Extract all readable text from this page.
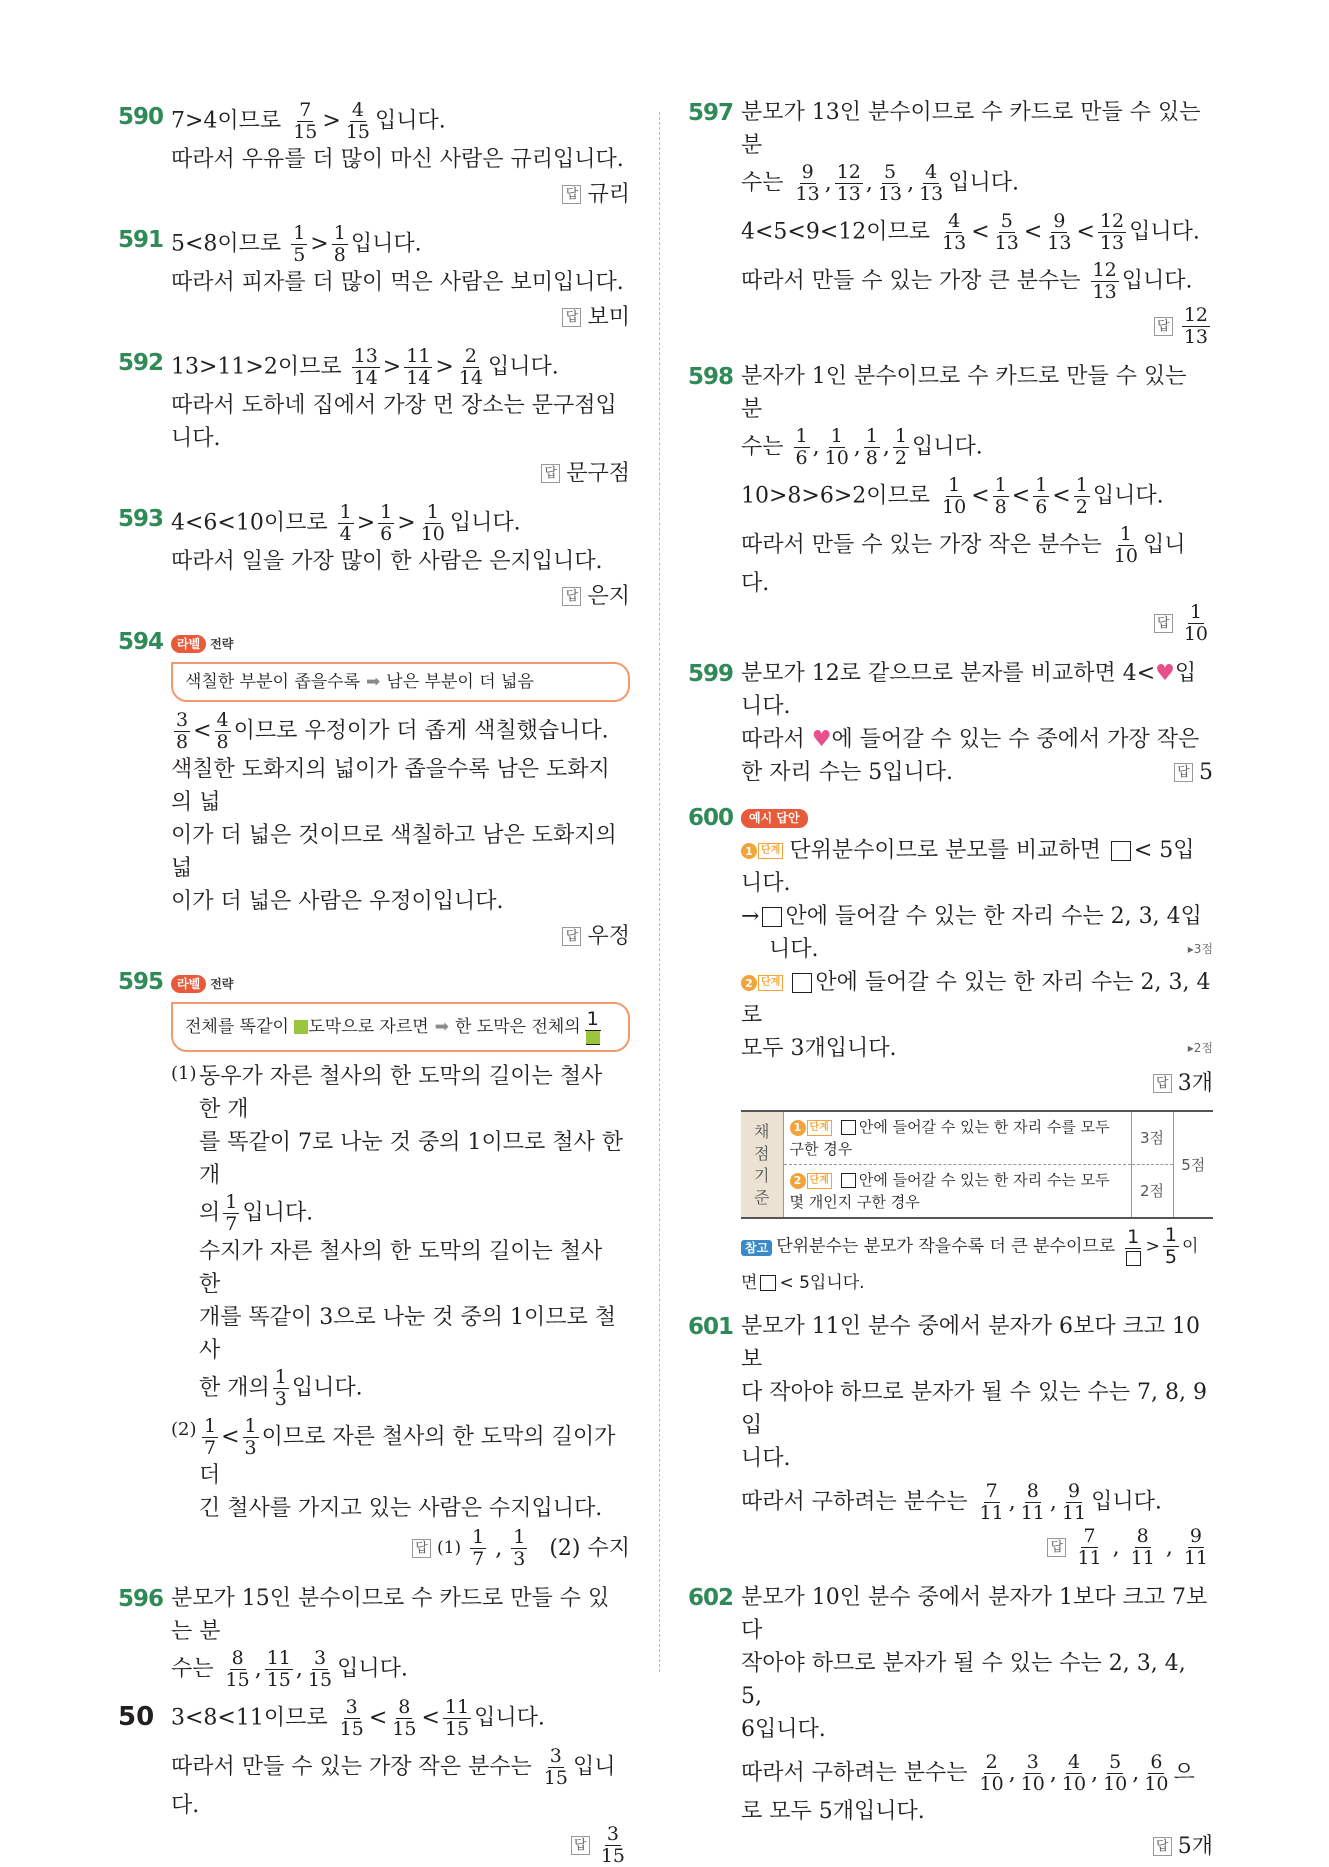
590 7>4이므로 $\frac{7}{15} > \frac{4}{15}$ 입니다.
따라서 우유를 더 많이 마신 사람은 규리입니다.
답 규리
591 5<8이므로 $\frac{1}{5} > \frac{1}{8}$ 입니다.
따라서 피자를 더 많이 먹은 사람은 보미입니다.
답 보미
592 13>11>2이므로 $\frac{13}{14} > \frac{11}{14} > \frac{2}{14}$ 입니다.
따라서 도하네 집에서 가장 먼 장소는 문구점입니다.
답 문구점
593 4<6<10이므로 $\frac{1}{4} > \frac{1}{6} > \frac{1}{10}$ 입니다.
따라서 일을 가장 많이 한 사람은 은지입니다.
답 은지
594	라벨 전략
색칠한 부분이 좁을수록 ➡ 남은 부분이 더 넓음
$\frac{3}{8} < \frac{4}{8}$ 이므로 우정이가 더 좁게 색칠했습니다.
색칠한 도화지의 넓이가 좁을수록 남은 도화지의 넓
이가 더 넓은 것이므로 색칠하고 남은 도화지의 넓
이가 더 넓은 사람은 우정이입니다.
답 우정
595	라벨 전략
전체를 똑같이
도막으로 자르면 ➡ 한 도막은 전체의 1
(1) 동우가 자른 철사의 한 도막의 길이는 철사 한 개
를 똑같이 7로 나눈 것 중의 1이므로 철사 한 개
의 $\frac{1}{7}$ 입니다.
수지가 자른 철사의 한 도막의 길이는 철사 한
개를 똑같이 3으로 나눈 것 중의 1이므로 철사
한 개의 $\frac{1}{3}$ 입니다.
$(2) \frac{1}{7} < \frac{1}{3}$ 이므로 자른 철사의 한 도막의 길이가 더
긴 철사를 가지고 있는 사람은 수지입니다.
답 $(1) \frac{1}{7}$ , $\frac{1}{3}$
(2) 수지
596 분모가 15인 분수이므로 수 카드로 만들 수 있는 분
수는 $\frac{8}{15}$ , $\frac{11}{15}$ , $\frac{3}{15}$ 입니다.
3<8<11이므로 $\frac{3}{15} < \frac{8}{15} < \frac{11}{15}$ 입니다.
따라서 만들 수 있는 가장 작은 분수는 $\frac{3}{15}$ 입니다.
답 $\frac{3}{15}$
597 분모가 13인 분수이므로 수 카드로 만들 수 있는 분
수는 $\frac{9}{13}$ , $\frac{12}{13}$ , $\frac{5}{13}$ , $\frac{4}{13}$ 입니다.
4<5<9<12이므로 $\frac{4}{13} < \frac{5}{13} < \frac{9}{13} < \frac{12}{13}$ 입니다.
따라서 만들 수 있는 가장 큰 분수는 $\frac{12}{13}$ 입니다.
답 $\frac{12}{13}$
598 분자가 1인 분수이므로 수 카드로 만들 수 있는 분
수는 $\frac{1}{6}$ , $\frac{1}{10}$ , $\frac{1}{8}$ , $\frac{1}{2}$ 입니다.
10>8>6>2이므로 $\frac{1}{10} < \frac{1}{8} < \frac{1}{6} < \frac{1}{2}$ 입니다.
따라서 만들 수 있는 가장 작은 분수는 $\frac{1}{10}$ 입니다.
답 $\frac{1}{10}$
599 분모가 12로 같으므로 분자를 비교하면 4<♥입니다.
따라서 ♥에 들어갈 수 있는 수 중에서 가장 작은
한 자리 수는 5입니다.	답 5
600	예시 답안
1 단계 단위분수이므로 분모를 비교하면 < 5입
니다.
→ 안에 들어갈 수 있는 한 자리 수는 2, 3, 4입
니다.	▸3점
2 단계 안에 들어갈 수 있는 한 자리 수는 2, 3, 4로
모두 3개입니다.	▸2점
답 3개
채점 기준	1 단계 안에 들어갈 수 있는 한 자리 수를 모두
구한 경우	3점	5점

2 단계 안에 들어갈 수 있는 한 자리 수는 모두
몇 개인지 구한 경우	2점	
참고 단위분수는 분모가 작을수록 더 큰 분수이므로 $1 > \frac{1}{5}$ 이
면 < 5입니다.
601 분모가 11인 분수 중에서 분자가 6보다 크고 10보
다 작아야 하므로 분자가 될 수 있는 수는 7, 8, 9입
니다.
따라서 구하려는 분수는 $\frac{7}{11}$ , $\frac{8}{11}$ , $\frac{9}{11}$ 입니다.
답 $\frac{7}{11}$ , $\frac{8}{11}$ , $\frac{9}{11}$
602 분모가 10인 분수 중에서 분자가 1보다 크고 7보다
작아야 하므로 분자가 될 수 있는 수는 2, 3, 4, 5,
6입니다.
따라서 구하려는 분수는 $\frac{2}{10}$ , $\frac{3}{10}$ , $\frac{4}{10}$ , $\frac{5}{10}$ , $\frac{6}{10}$ 으
로 모두 5개입니다.
답 5개
50
